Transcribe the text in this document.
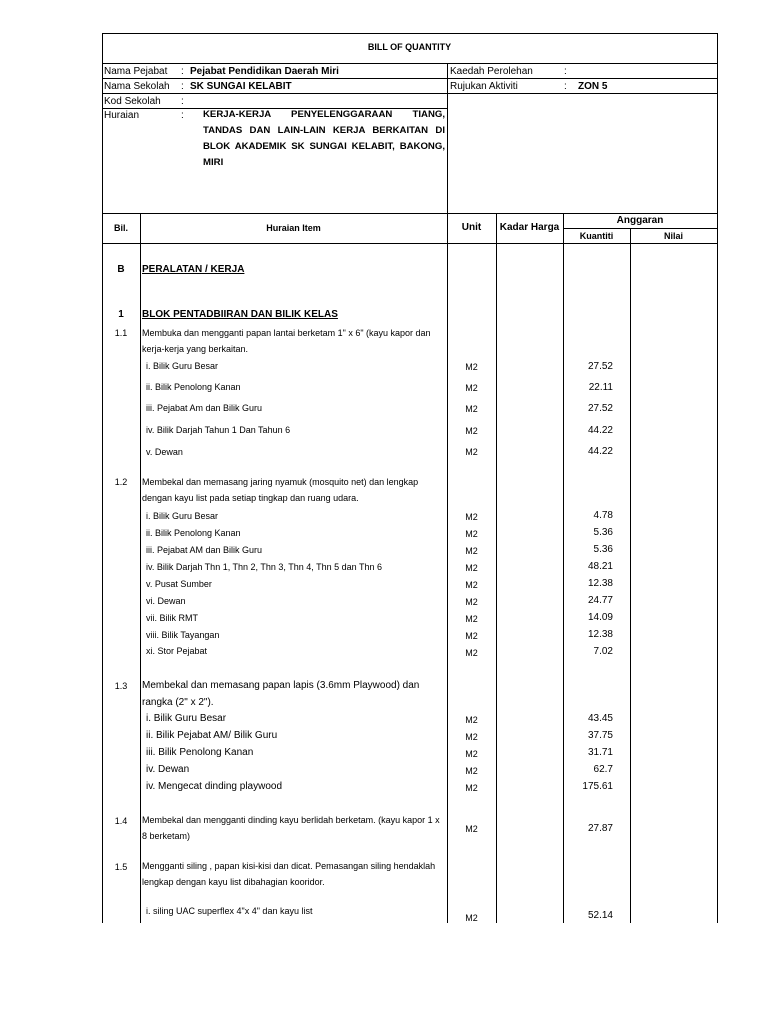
BILL OF QUANTITY
Nama Pejabat : Pejabat Pendidikan Daerah Miri
Nama Sekolah : SK SUNGAI KELABIT
Kod Sekolah :
Huraian	: KERJA-KERJA PENYELENGGARAAN TIANG, TANDAS DAN LAIN-LAIN KERJA BERKAITAN DI BLOK AKADEMIK SK SUNGAI KELABIT, BAKONG, MIRI
Kaedah Perolehan	:
Rujukan Aktiviti	: ZON 5
Bil.	Huraian Item	Unit	Kadar Harga
Anggaran
Kuantiti	Nilai
B	PERALATAN / KERJA
1	BLOK PENTADBIIRAN DAN BILIK KELAS
1.1	Membuka dan mengganti papan lantai berketam 1" x 6" (kayu kapor dan kerja-kerja yang berkaitan.
i. Bilik Guru Besar	M2	27.52
ii. Bilik Penolong Kanan	M2	22.11
iii. Pejabat Am dan Bilik Guru	M2	27.52
iv. Bilik Darjah Tahun 1 Dan Tahun 6	M2	44.22
v. Dewan	M2	44.22
1.2	Membekal dan memasang jaring nyamuk (mosquito net) dan lengkap dengan kayu list pada setiap tingkap dan ruang udara.
i. Bilik Guru Besar	M2	4.78
ii. Bilik Penolong Kanan	M2	5.36
iii. Pejabat AM dan Bilik Guru	M2	5.36
iv. Bilik Darjah Thn 1, Thn 2, Thn 3, Thn 4, Thn 5 dan Thn 6	M2	48.21
v. Pusat Sumber	M2	12.38
vi. Dewan	M2	24.77
vii. Bilik RMT	M2	14.09
viii. Bilik Tayangan	M2	12.38
xi. Stor Pejabat	M2	7.02
1.3	Membekal dan memasang papan lapis (3.6mm Playwood) dan rangka (2" x 2").
i. Bilik Guru Besar	M2	43.45
ii. Bilik Pejabat AM/ Bilik Guru	M2	37.75
iii. Bilik Penolong Kanan	M2	31.71
iv. Dewan	M2	62.7
iv. Mengecat dinding playwood	M2	175.61
1.4	Membekal dan mengganti dinding kayu berlidah berketam. (kayu kapor 1 x 8 berketam)
M2	27.87
1.5	Mengganti siling , papan kisi-kisi dan dicat. Pemasangan siling hendaklah lengkap dengan kayu list dibahagian kooridor.
i. siling UAC superflex 4"x 4" dan kayu list
M2	52.14
